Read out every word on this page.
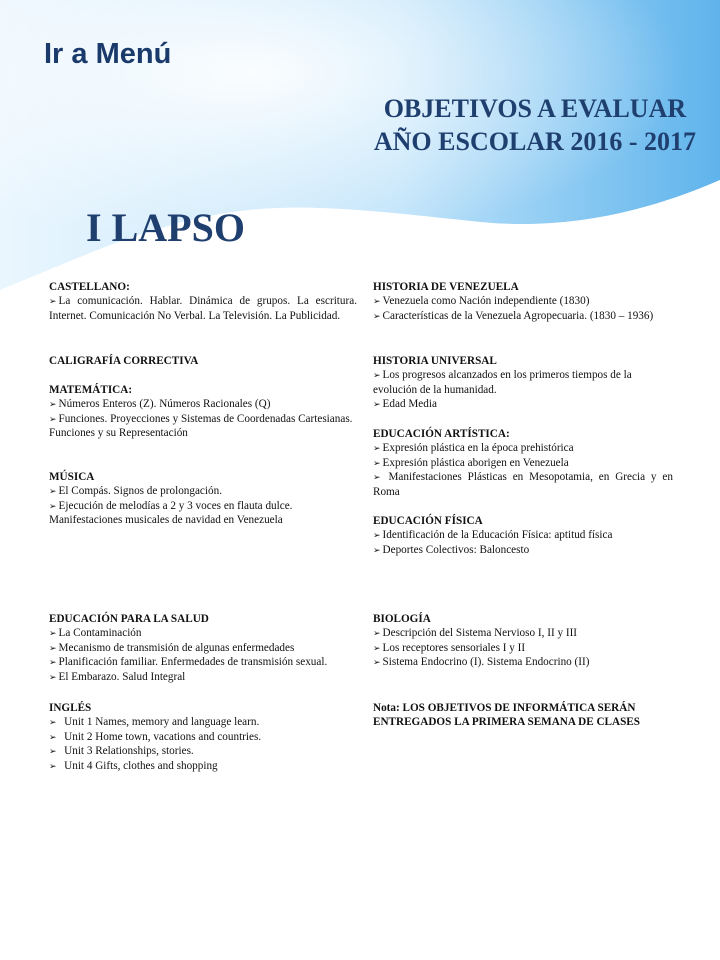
Ir a Menú
OBJETIVOS A EVALUAR
AÑO ESCOLAR 2016 - 2017
I LAPSO
CASTELLANO:
➢ La comunicación. Hablar. Dinámica de grupos. La escritura. Internet. Comunicación No Verbal. La Televisión. La Publicidad.
CALIGRAFÍA CORRECTIVA
MATEMÁTICA:
➢ Números Enteros (Z). Números Racionales (Q)
➢ Funciones. Proyecciones y Sistemas de Coordenadas Cartesianas. Funciones y su Representación
MÚSICA
➢ El Compás. Signos de prolongación.
➢ Ejecución de melodías a 2 y 3 voces en flauta dulce. Manifestaciones musicales de navidad en Venezuela
EDUCACIÓN PARA LA SALUD
➢ La Contaminación
➢ Mecanismo de transmisión de algunas enfermedades
➢ Planificación familiar. Enfermedades de transmisión sexual.
➢ El Embarazo. Salud Integral
INGLÉS
➢ Unit 1 Names, memory and language learn.
➢ Unit 2 Home town, vacations and countries.
➢ Unit 3 Relationships, stories.
➢ Unit 4 Gifts, clothes and shopping
HISTORIA DE VENEZUELA
➢ Venezuela como Nación independiente (1830)
➢ Características de la Venezuela Agropecuaria. (1830 – 1936)
HISTORIA UNIVERSAL
➢ Los progresos alcanzados en los primeros tiempos de la evolución de la humanidad.
➢ Edad Media
EDUCACIÓN ARTÍSTICA:
➢ Expresión plástica en la época prehistórica
➢ Expresión plástica aborigen en Venezuela
➢ Manifestaciones Plásticas en Mesopotamia, en Grecia y en Roma
EDUCACIÓN FÍSICA
➢ Identificación de la Educación Física: aptitud física
➢ Deportes Colectivos: Baloncesto
BIOLOGÍA
➢ Descripción del Sistema Nervioso I, II y III
➢ Los receptores sensoriales I y II
➢ Sistema Endocrino (I). Sistema Endocrino (II)
Nota: LOS OBJETIVOS DE INFORMÁTICA SERÁN ENTREGADOS LA PRIMERA SEMANA DE CLASES
